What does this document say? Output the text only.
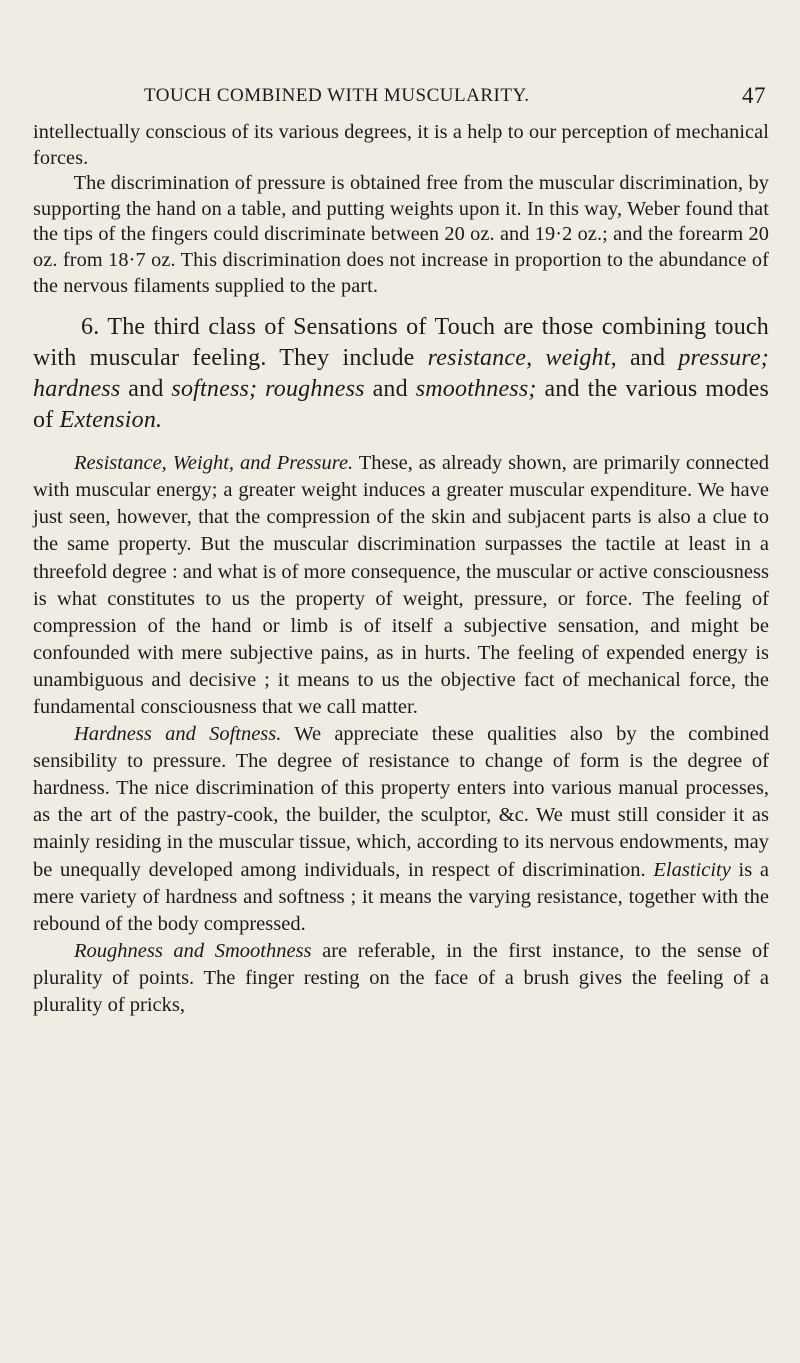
TOUCH COMBINED WITH MUSCULARITY.	47

intellectually conscious of its various degrees, it is a help to our perception of mechanical forces.

The discrimination of pressure is obtained free from the muscular discrimination, by supporting the hand on a table, and putting weights upon it. In this way, Weber found that the tips of the fingers could discriminate between 20 oz. and 19·2 oz.; and the forearm 20 oz. from 18·7 oz. This discrimination does not increase in proportion to the abundance of the nervous filaments supplied to the part.

6. The third class of Sensations of Touch are those combining touch with muscular feeling. They include resistance, weight, and pressure; hardness and softness; roughness and smoothness; and the various modes of Extension.

Resistance, Weight, and Pressure. These, as already shown, are primarily connected with muscular energy; a greater weight induces a greater muscular expenditure. We have just seen, however, that the compression of the skin and subjacent parts is also a clue to the same property. But the muscular discrimination surpasses the tactile at least in a threefold degree : and what is of more consequence, the muscular or active consciousness is what constitutes to us the property of weight, pressure, or force. The feeling of compression of the hand or limb is of itself a subjective sensation, and might be confounded with mere subjective pains, as in hurts. The feeling of expended energy is unambiguous and decisive ; it means to us the objective fact of mechanical force, the fundamental consciousness that we call matter.

Hardness and Softness. We appreciate these qualities also by the combined sensibility to pressure. The degree of resistance to change of form is the degree of hardness. The nice discrimination of this property enters into various manual processes, as the art of the pastry-cook, the builder, the sculptor, &c. We must still consider it as mainly residing in the muscular tissue, which, according to its nervous endowments, may be unequally developed among individuals, in respect of discrimination. Elasticity is a mere variety of hardness and softness ; it means the varying resistance, together with the rebound of the body compressed.

Roughness and Smoothness are referable, in the first instance, to the sense of plurality of points. The finger resting on the face of a brush gives the feeling of a plurality of pricks,
